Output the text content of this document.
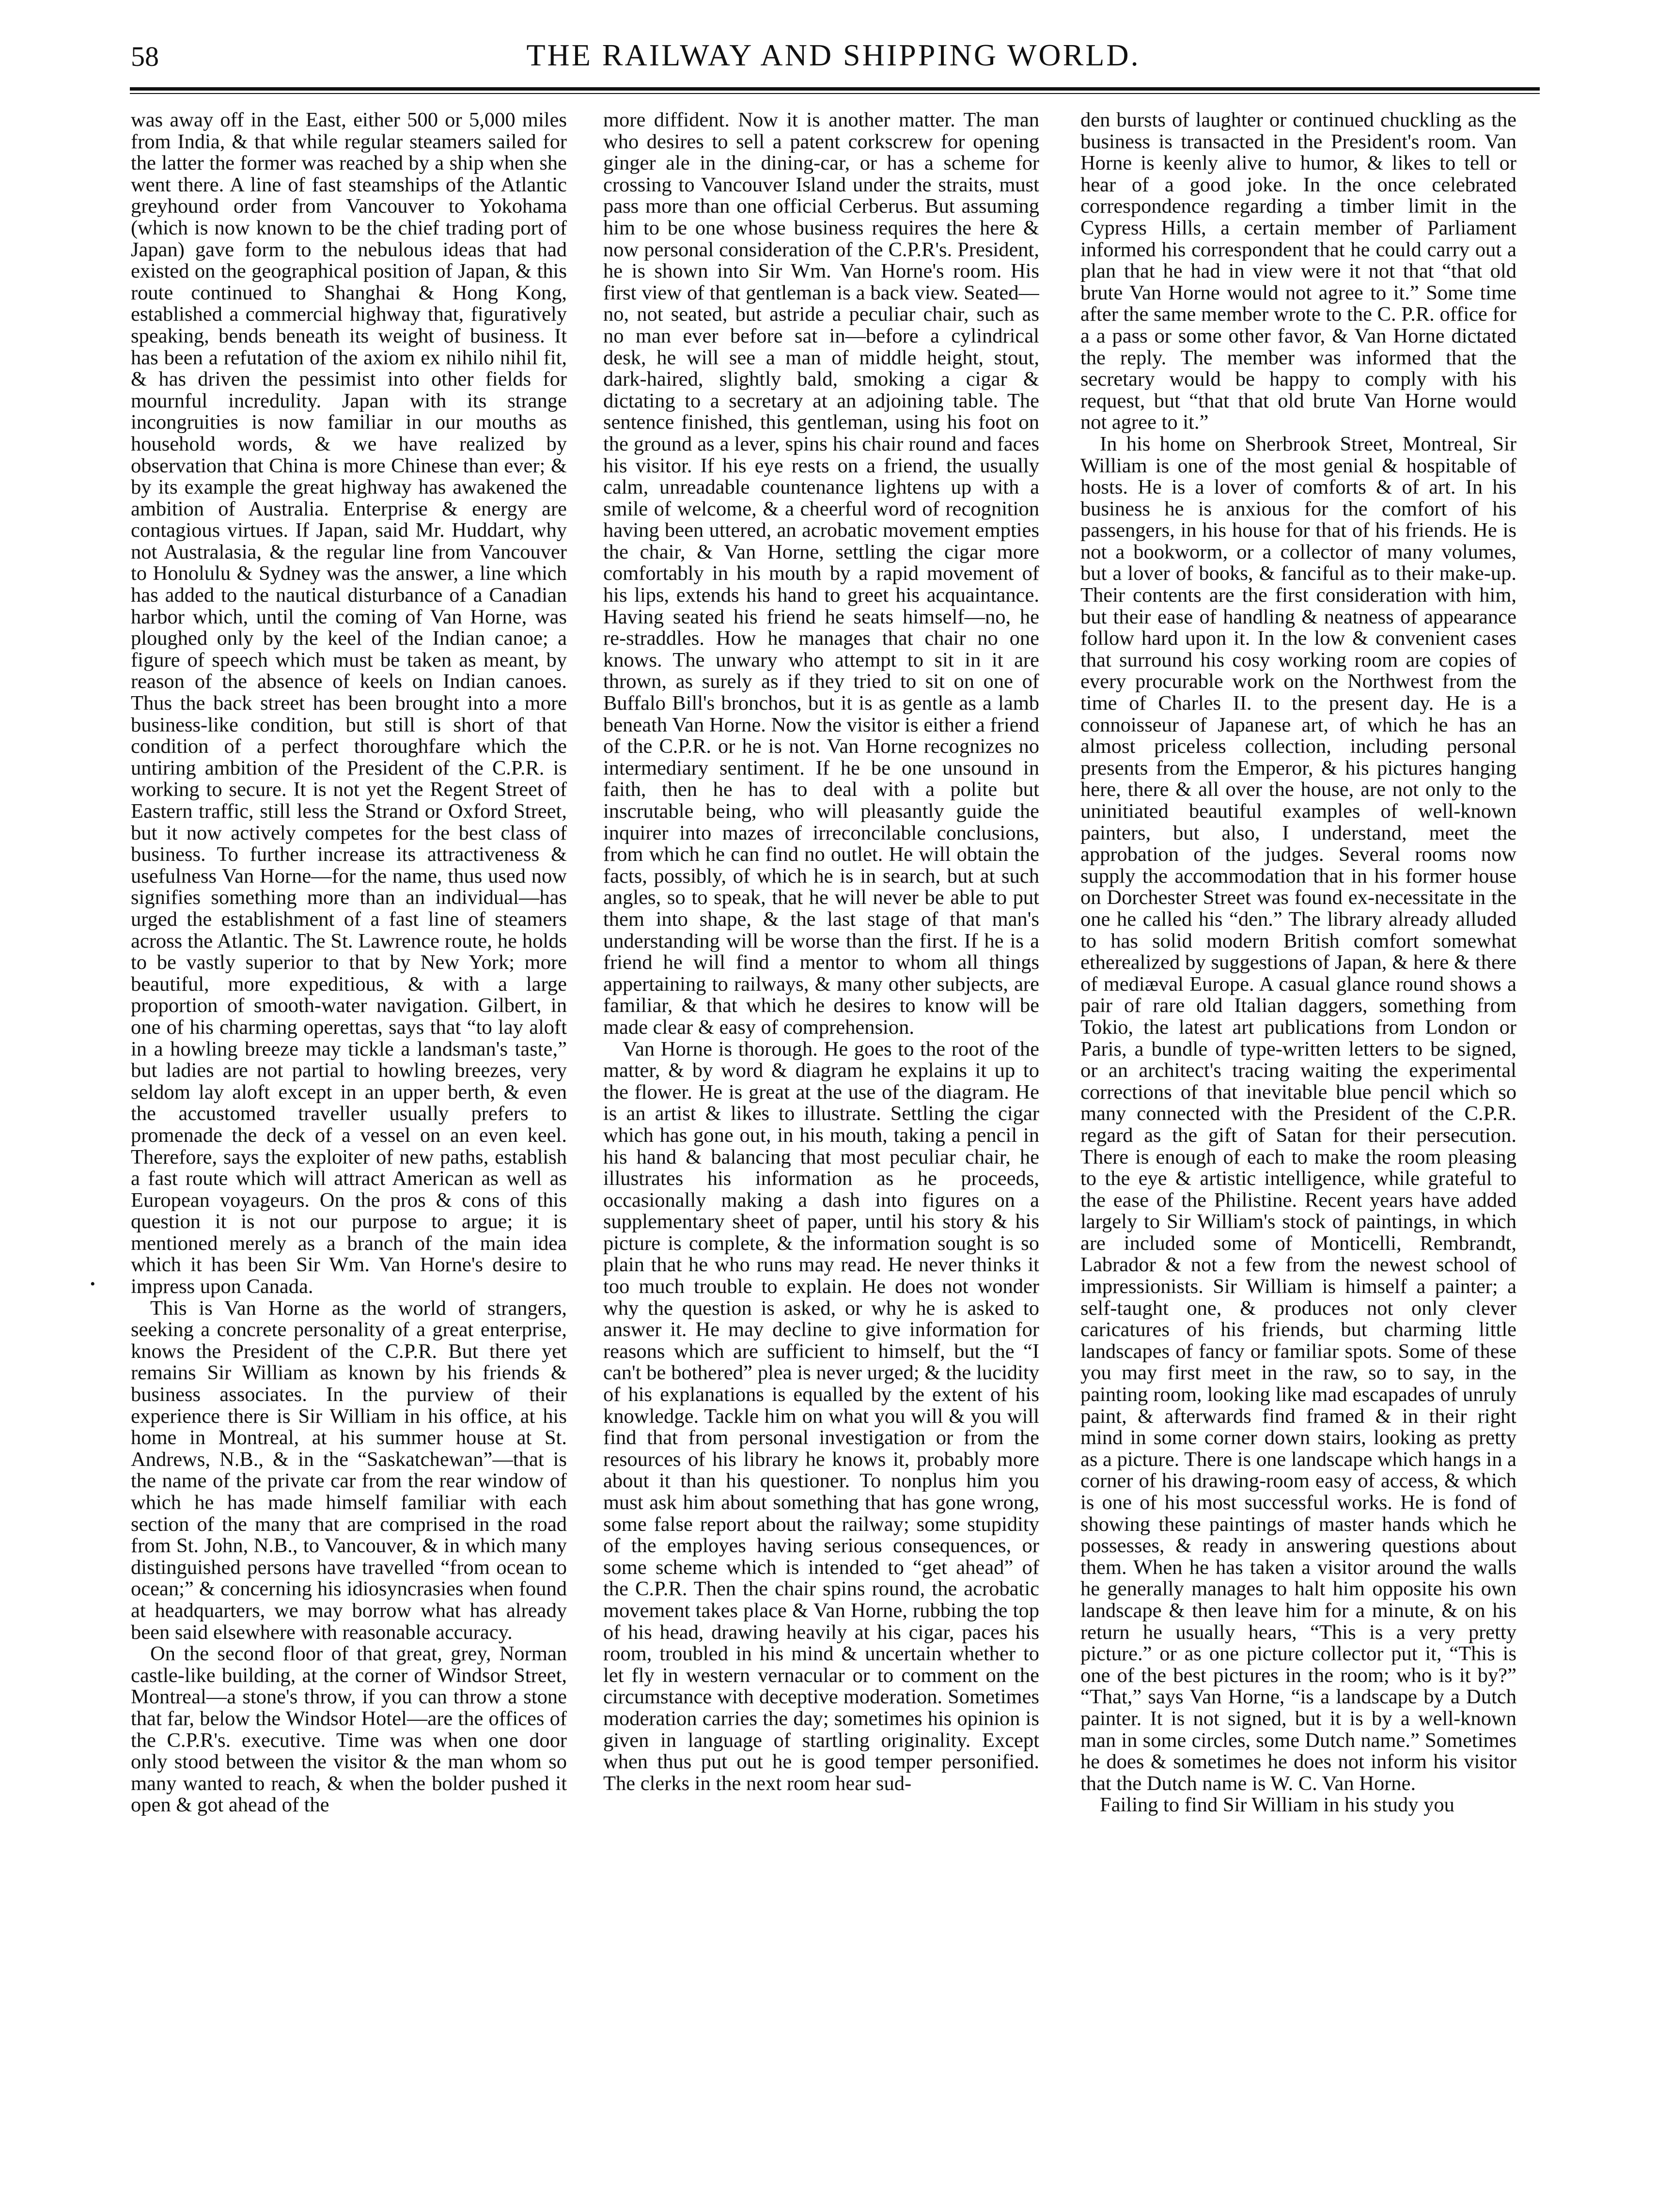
58	THE RAILWAY AND SHIPPING WORLD.
•

was away off in the East, either 500 or 5,000 miles from India, & that while regular steamers sailed for the latter the former was reached by a ship when she went there. A line of fast steamships of the Atlantic greyhound order from Vancouver to Yokohama (which is now known to be the chief trading port of Japan) gave form to the nebulous ideas that had existed on the geographical position of Japan, & this route continued to Shanghai & Hong Kong, established a commercial highway that, figuratively speaking, bends beneath its weight of business. It has been a refutation of the axiom ex nihilo nihil fit, & has driven the pessimist into other fields for mournful incredulity. Japan with its strange incongruities is now familiar in our mouths as household words, & we have realized by observation that China is more Chinese than ever; & by its example the great highway has awakened the ambition of Australia. Enterprise & energy are contagious virtues. If Japan, said Mr. Huddart, why not Australasia, & the regular line from Vancouver to Honolulu & Sydney was the answer, a line which has added to the nautical disturbance of a Canadian harbor which, until the coming of Van Horne, was ploughed only by the keel of the Indian canoe; a figure of speech which must be taken as meant, by reason of the absence of keels on Indian canoes. Thus the back street has been brought into a more business-like condition, but still is short of that condition of a perfect thoroughfare which the untiring ambition of the President of the C.P.R. is working to secure. It is not yet the Regent Street of Eastern traffic, still less the Strand or Oxford Street, but it now actively competes for the best class of business. To further increase its attractiveness & usefulness Van Horne—for the name, thus used now signifies something more than an individual—has urged the establishment of a fast line of steamers across the Atlantic. The St. Lawrence route, he holds to be vastly superior to that by New York; more beautiful, more expeditious, & with a large proportion of smooth-water navigation. Gilbert, in one of his charming operettas, says that “to lay aloft in a howling breeze may tickle a landsman's taste,” but ladies are not partial to howling breezes, very seldom lay aloft except in an upper berth, & even the accustomed traveller usually prefers to promenade the deck of a vessel on an even keel. Therefore, says the exploiter of new paths, establish a fast route which will attract American as well as European voyageurs. On the pros & cons of this question it is not our purpose to argue; it is mentioned merely as a branch of the main idea which it has been Sir Wm. Van Horne's desire to impress upon Canada.

This is Van Horne as the world of strangers, seeking a concrete personality of a great enterprise, knows the President of the C.P.R. But there yet remains Sir William as known by his friends & business associates. In the purview of their experience there is Sir William in his office, at his home in Montreal, at his summer house at St. Andrews, N.B., & in the “Saskatchewan”—that is the name of the private car from the rear window of which he has made himself familiar with each section of the many that are comprised in the road from St. John, N.B., to Vancouver, & in which many distinguished persons have travelled “from ocean to ocean;” & concerning his idiosyncrasies when found at headquarters, we may borrow what has already been said elsewhere with reasonable accuracy.

On the second floor of that great, grey, Norman castle-like building, at the corner of Windsor Street, Montreal—a stone's throw, if you can throw a stone that far, below the Windsor Hotel—are the offices of the C.P.R's. executive. Time was when one door only stood between the visitor & the man whom so many wanted to reach, & when the bolder pushed it open & got ahead of the

more diffident. Now it is another matter. The man who desires to sell a patent corkscrew for opening ginger ale in the dining-car, or has a scheme for crossing to Vancouver Island under the straits, must pass more than one official Cerberus. But assuming him to be one whose business requires the here & now personal consideration of the C.P.R's. President, he is shown into Sir Wm. Van Horne's room. His first view of that gentleman is a back view. Seated—no, not seated, but astride a peculiar chair, such as no man ever before sat in—before a cylindrical desk, he will see a man of middle height, stout, dark-haired, slightly bald, smoking a cigar & dictating to a secretary at an adjoining table. The sentence finished, this gentleman, using his foot on the ground as a lever, spins his chair round and faces his visitor. If his eye rests on a friend, the usually calm, unreadable countenance lightens up with a smile of welcome, & a cheerful word of recognition having been uttered, an acrobatic movement empties the chair, & Van Horne, settling the cigar more comfortably in his mouth by a rapid movement of his lips, extends his hand to greet his acquaintance. Having seated his friend he seats himself—no, he re-straddles. How he manages that chair no one knows. The unwary who attempt to sit in it are thrown, as surely as if they tried to sit on one of Buffalo Bill's bronchos, but it is as gentle as a lamb beneath Van Horne. Now the visitor is either a friend of the C.P.R. or he is not. Van Horne recognizes no intermediary sentiment. If he be one unsound in faith, then he has to deal with a polite but inscrutable being, who will pleasantly guide the inquirer into mazes of irreconcilable conclusions, from which he can find no outlet. He will obtain the facts, possibly, of which he is in search, but at such angles, so to speak, that he will never be able to put them into shape, & the last stage of that man's understanding will be worse than the first. If he is a friend he will find a mentor to whom all things appertaining to railways, & many other subjects, are familiar, & that which he desires to know will be made clear & easy of comprehension.

Van Horne is thorough. He goes to the root of the matter, & by word & diagram he explains it up to the flower. He is great at the use of the diagram. He is an artist & likes to illustrate. Settling the cigar which has gone out, in his mouth, taking a pencil in his hand & balancing that most peculiar chair, he illustrates his information as he proceeds, occasionally making a dash into figures on a supplementary sheet of paper, until his story & his picture is complete, & the information sought is so plain that he who runs may read. He never thinks it too much trouble to explain. He does not wonder why the question is asked, or why he is asked to answer it. He may decline to give information for reasons which are sufficient to himself, but the “I can't be bothered” plea is never urged; & the lucidity of his explanations is equalled by the extent of his knowledge. Tackle him on what you will & you will find that from personal investigation or from the resources of his library he knows it, probably more about it than his questioner. To nonplus him you must ask him about something that has gone wrong, some false report about the railway; some stupidity of the employes having serious consequences, or some scheme which is intended to “get ahead” of the C.P.R. Then the chair spins round, the acrobatic movement takes place & Van Horne, rubbing the top of his head, drawing heavily at his cigar, paces his room, troubled in his mind & uncertain whether to let fly in western vernacular or to comment on the circumstance with deceptive moderation. Sometimes moderation carries the day; sometimes his opinion is given in language of startling originality. Except when thus put out he is good temper personified. The clerks in the next room hear sud-

den bursts of laughter or continued chuckling as the business is transacted in the President's room. Van Horne is keenly alive to humor, & likes to tell or hear of a good joke. In the once celebrated correspondence regarding a timber limit in the Cypress Hills, a certain member of Parliament informed his correspondent that he could carry out a plan that he had in view were it not that “that old brute Van Horne would not agree to it.” Some time after the same member wrote to the C. P.R. office for a a pass or some other favor, & Van Horne dictated the reply. The member was informed that the secretary would be happy to comply with his request, but “that that old brute Van Horne would not agree to it.”

In his home on Sherbrook Street, Montreal, Sir William is one of the most genial & hospitable of hosts. He is a lover of comforts & of art. In his business he is anxious for the comfort of his passengers, in his house for that of his friends. He is not a bookworm, or a collector of many volumes, but a lover of books, & fanciful as to their make-up. Their contents are the first consideration with him, but their ease of handling & neatness of appearance follow hard upon it. In the low & convenient cases that surround his cosy working room are copies of every procurable work on the Northwest from the time of Charles II. to the present day. He is a connoisseur of Japanese art, of which he has an almost priceless collection, including personal presents from the Emperor, & his pictures hanging here, there & all over the house, are not only to the uninitiated beautiful examples of well-known painters, but also, I understand, meet the approbation of the judges. Several rooms now supply the accommodation that in his former house on Dorchester Street was found ex-necessitate in the one he called his “den.” The library already alluded to has solid modern British comfort somewhat etherealized by suggestions of Japan, & here & there of mediæval Europe. A casual glance round shows a pair of rare old Italian daggers, something from Tokio, the latest art publications from London or Paris, a bundle of type-written letters to be signed, or an architect's tracing waiting the experimental corrections of that inevitable blue pencil which so many connected with the President of the C.P.R. regard as the gift of Satan for their persecution. There is enough of each to make the room pleasing to the eye & artistic intelligence, while grateful to the ease of the Philistine. Recent years have added largely to Sir William's stock of paintings, in which are included some of Monticelli, Rembrandt, Labrador & not a few from the newest school of impressionists. Sir William is himself a painter; a self-taught one, & produces not only clever caricatures of his friends, but charming little landscapes of fancy or familiar spots. Some of these you may first meet in the raw, so to say, in the painting room, looking like mad escapades of unruly paint, & afterwards find framed & in their right mind in some corner down stairs, looking as pretty as a picture. There is one landscape which hangs in a corner of his drawing-room easy of access, & which is one of his most successful works. He is fond of showing these paintings of master hands which he possesses, & ready in answering questions about them. When he has taken a visitor around the walls he generally manages to halt him opposite his own landscape & then leave him for a minute, & on his return he usually hears, “This is a very pretty picture.” or as one picture collector put it, “This is one of the best pictures in the room; who is it by?” “That,” says Van Horne, “is a landscape by a Dutch painter. It is not signed, but it is by a well-known man in some circles, some Dutch name.” Sometimes he does & sometimes he does not inform his visitor that the Dutch name is W. C. Van Horne.

Failing to find Sir William in his study you
